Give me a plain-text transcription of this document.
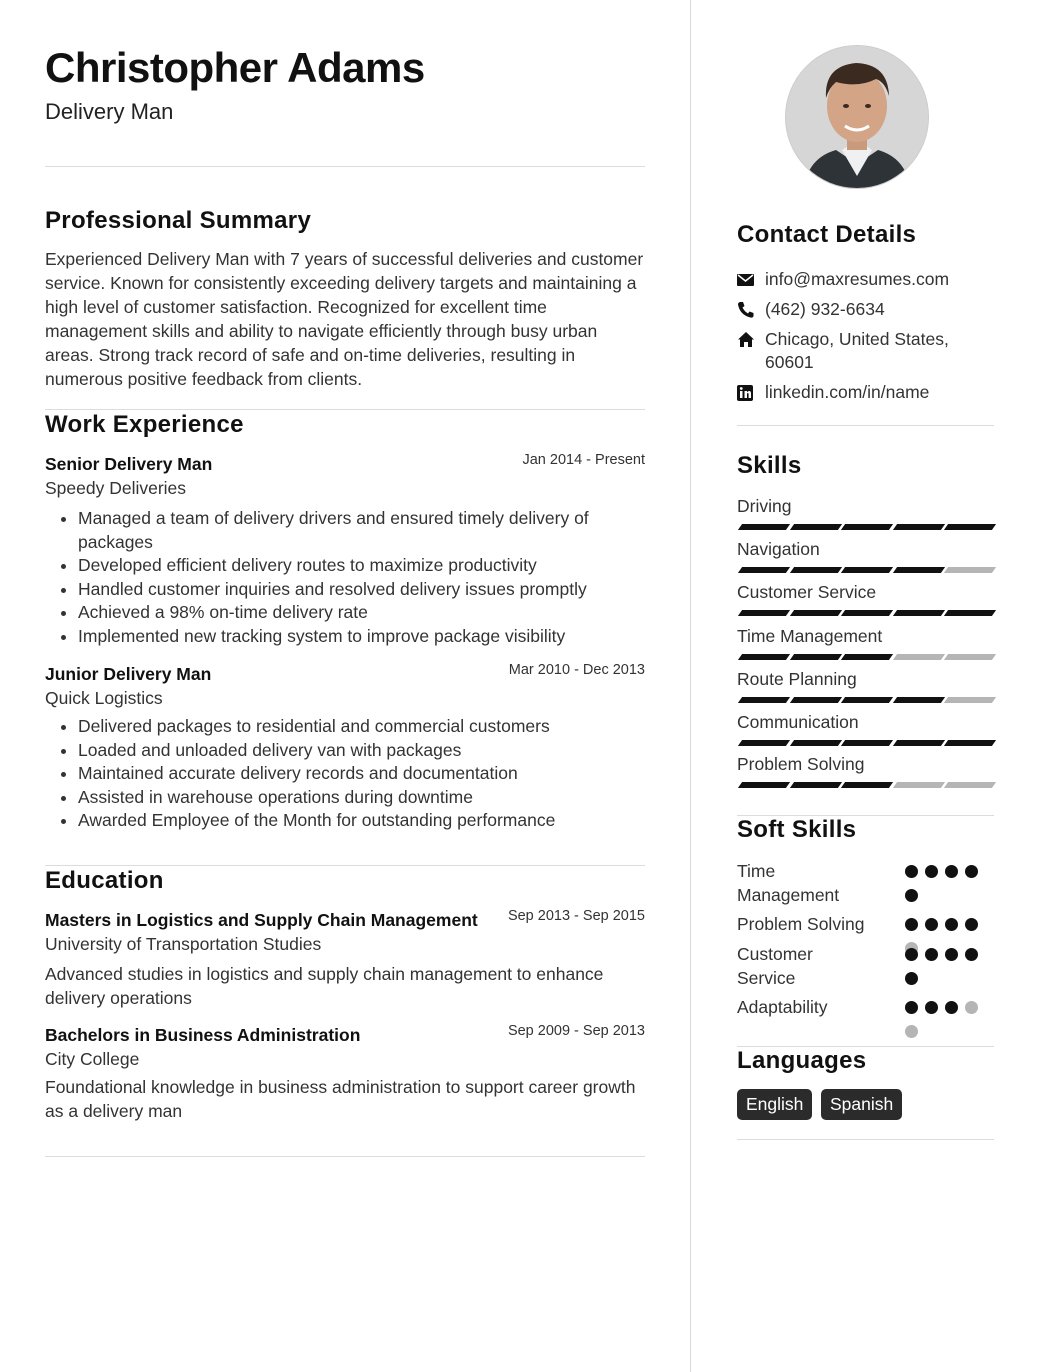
Christopher Adams
Delivery Man
Professional Summary
Experienced Delivery Man with 7 years of successful deliveries and customer service. Known for consistently exceeding delivery targets and maintaining a high level of customer satisfaction. Recognized for excellent time management skills and ability to navigate efficiently through busy urban areas. Strong track record of safe and on-time deliveries, resulting in numerous positive feedback from clients.
Work Experience
Senior Delivery Man	Jan 2014 - Present
Speedy Deliveries
• Managed a team of delivery drivers and ensured timely delivery of packages
• Developed efficient delivery routes to maximize productivity
• Handled customer inquiries and resolved delivery issues promptly
• Achieved a 98% on-time delivery rate
• Implemented new tracking system to improve package visibility
Junior Delivery Man	Mar 2010 - Dec 2013
Quick Logistics
• Delivered packages to residential and commercial customers
• Loaded and unloaded delivery van with packages
• Maintained accurate delivery records and documentation
• Assisted in warehouse operations during downtime
• Awarded Employee of the Month for outstanding performance
Education
Masters in Logistics and Supply Chain Management Sep 2013 - Sep 2015
University of Transportation Studies
Advanced studies in logistics and supply chain management to enhance delivery operations
Bachelors in Business Administration	Sep 2009 - Sep 2013
City College
Foundational knowledge in business administration to support career growth as a delivery man
Contact Details
info@maxresumes.com
(462) 932-6634
Chicago, United States, 60601
linkedin.com/in/name
Skills
Driving
Navigation
Customer Service
Time Management
Route Planning
Communication
Problem Solving
Soft Skills
Time Management
Problem Solving
Customer Service
Adaptability
Languages
English	Spanish
